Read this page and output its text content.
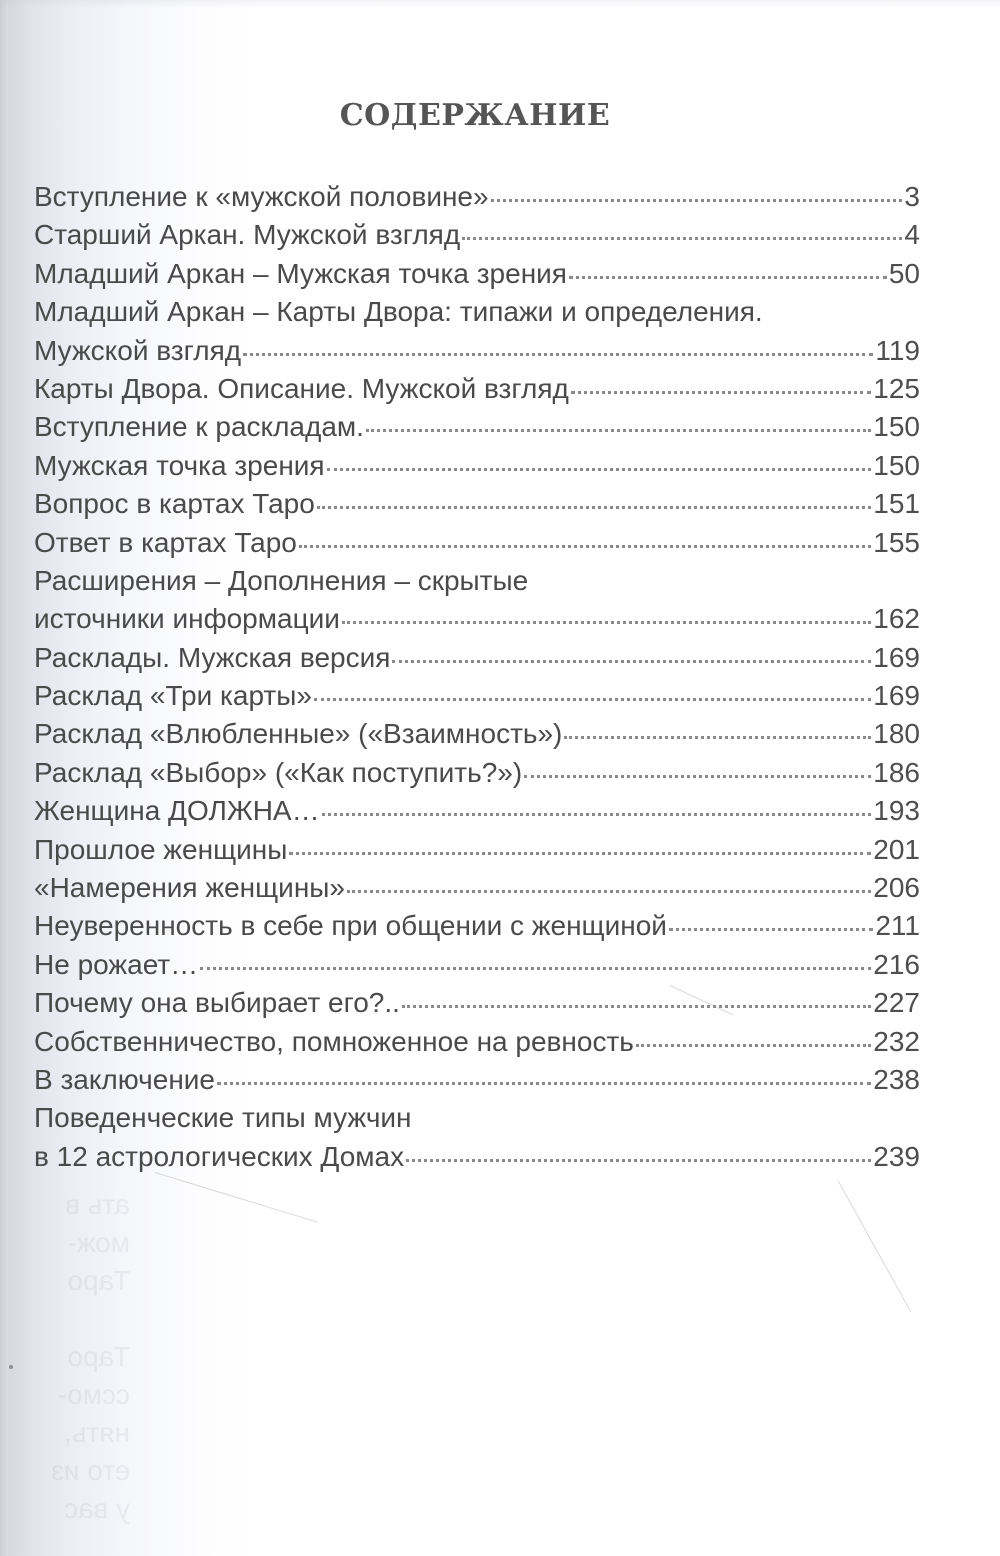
ать в
мож-
Таро
Таро
ссмо-
нять,
ето из
у вас
СОДЕРЖАНИЕ
Вступление к «мужской половине»	3
Старший Аркан. Мужской взгляд	4
Младший Аркан – Мужская точка зрения	50
Младший Аркан – Карты Двора: типажи и определения.
Мужской взгляд	119
Карты Двора. Описание. Мужской взгляд	125
Вступление к раскладам.	150
Мужская точка зрения	150
Вопрос в картах Таро	151
Ответ в картах Таро	155
Расширения – Дополнения – скрытые
источники информации	162
Расклады. Мужская версия	169
Расклад «Три карты»	169
Расклад «Влюбленные» («Взаимность»)	180
Расклад «Выбор» («Как поступить?»)	186
Женщина ДОЛЖНА…	193
Прошлое женщины	201
«Намерения женщины»	206
Неуверенность в себе при общении с женщиной	211
Не рожает…	216
Почему она выбирает его?..	227
Собственничество, помноженное на ревность	232
В заключение	238
Поведенческие типы мужчин
в 12 астрологических Домах	239
